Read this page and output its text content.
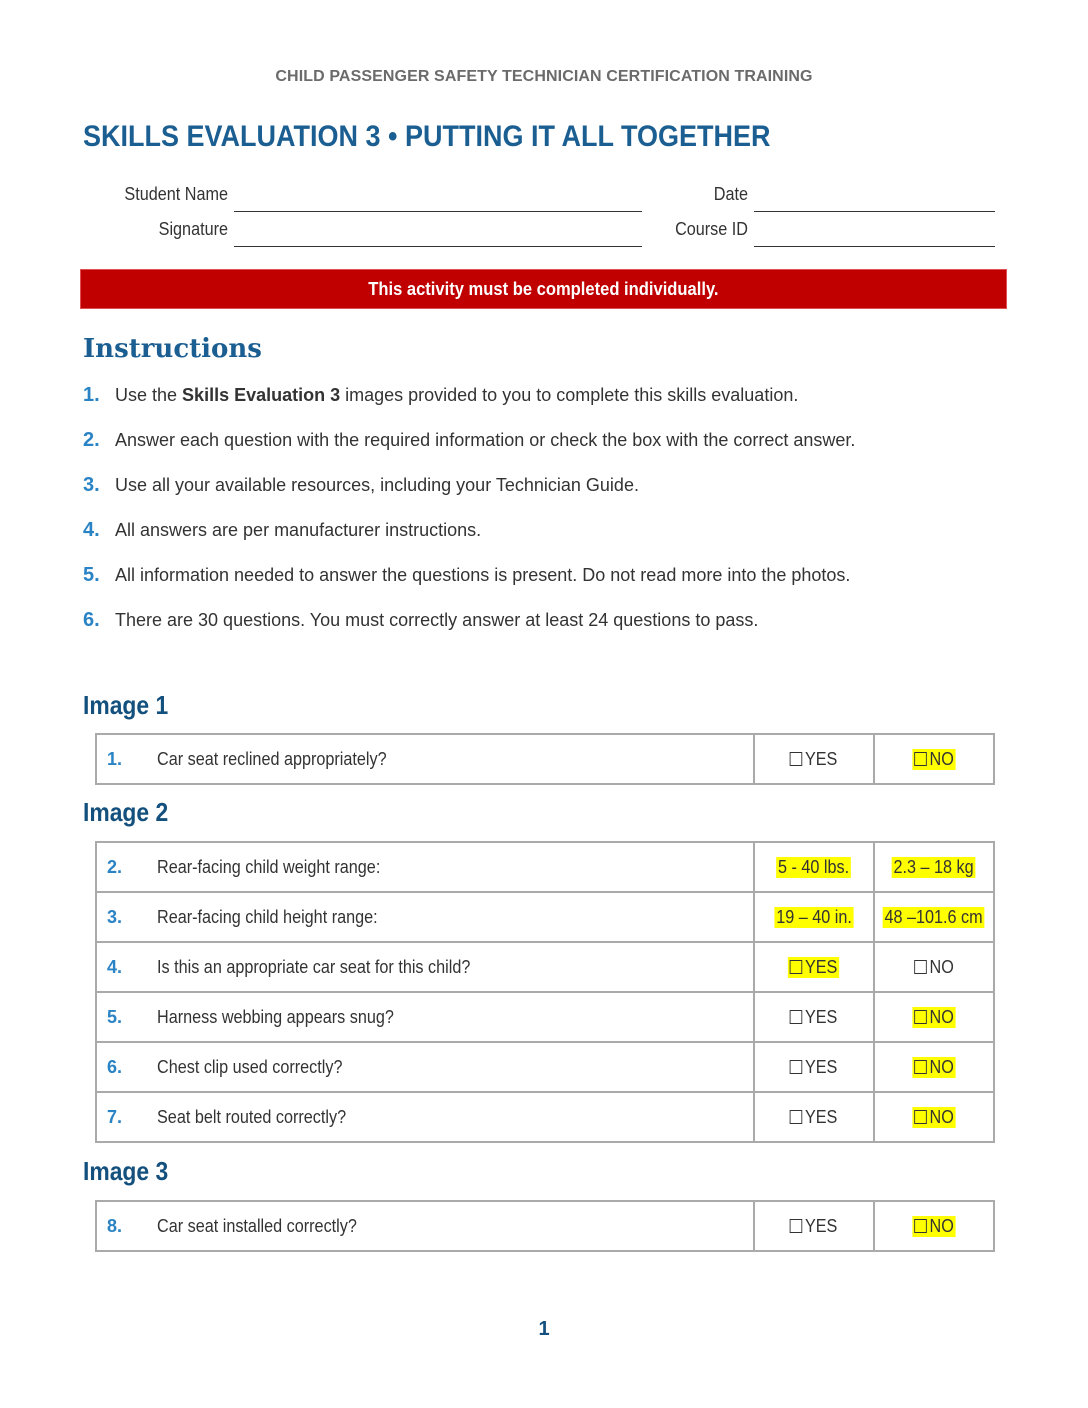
CHILD PASSENGER SAFETY TECHNICIAN CERTIFICATION TRAINING
SKILLS EVALUATION 3 • PUTTING IT ALL TOGETHER
Student Name
Signature
Date
Course ID
This activity must be completed individually.
Instructions
1. Use the Skills Evaluation 3 images provided to you to complete this skills evaluation.
2. Answer each question with the required information or check the box with the correct answer.
3. Use all your available resources, including your Technician Guide.
4. All answers are per manufacturer instructions.
5. All information needed to answer the questions is present. Do not read more into the photos.
6. There are 30 questions. You must correctly answer at least 24 questions to pass.
Image 1
1.	Car seat reclined appropriately?	YES	NO
Image 2
2.	Rear-facing child weight range:	5 - 40 lbs.	2.3 – 18 kg
3.	Rear-facing child height range:	19 – 40 in.	48 –101.6 cm
4.	Is this an appropriate car seat for this child?	YES	NO
5.	Harness webbing appears snug?	YES	NO
6.	Chest clip used correctly?	YES	NO
7.	Seat belt routed correctly?	YES	NO
Image 3
8.	Car seat installed correctly?	YES	NO
1
